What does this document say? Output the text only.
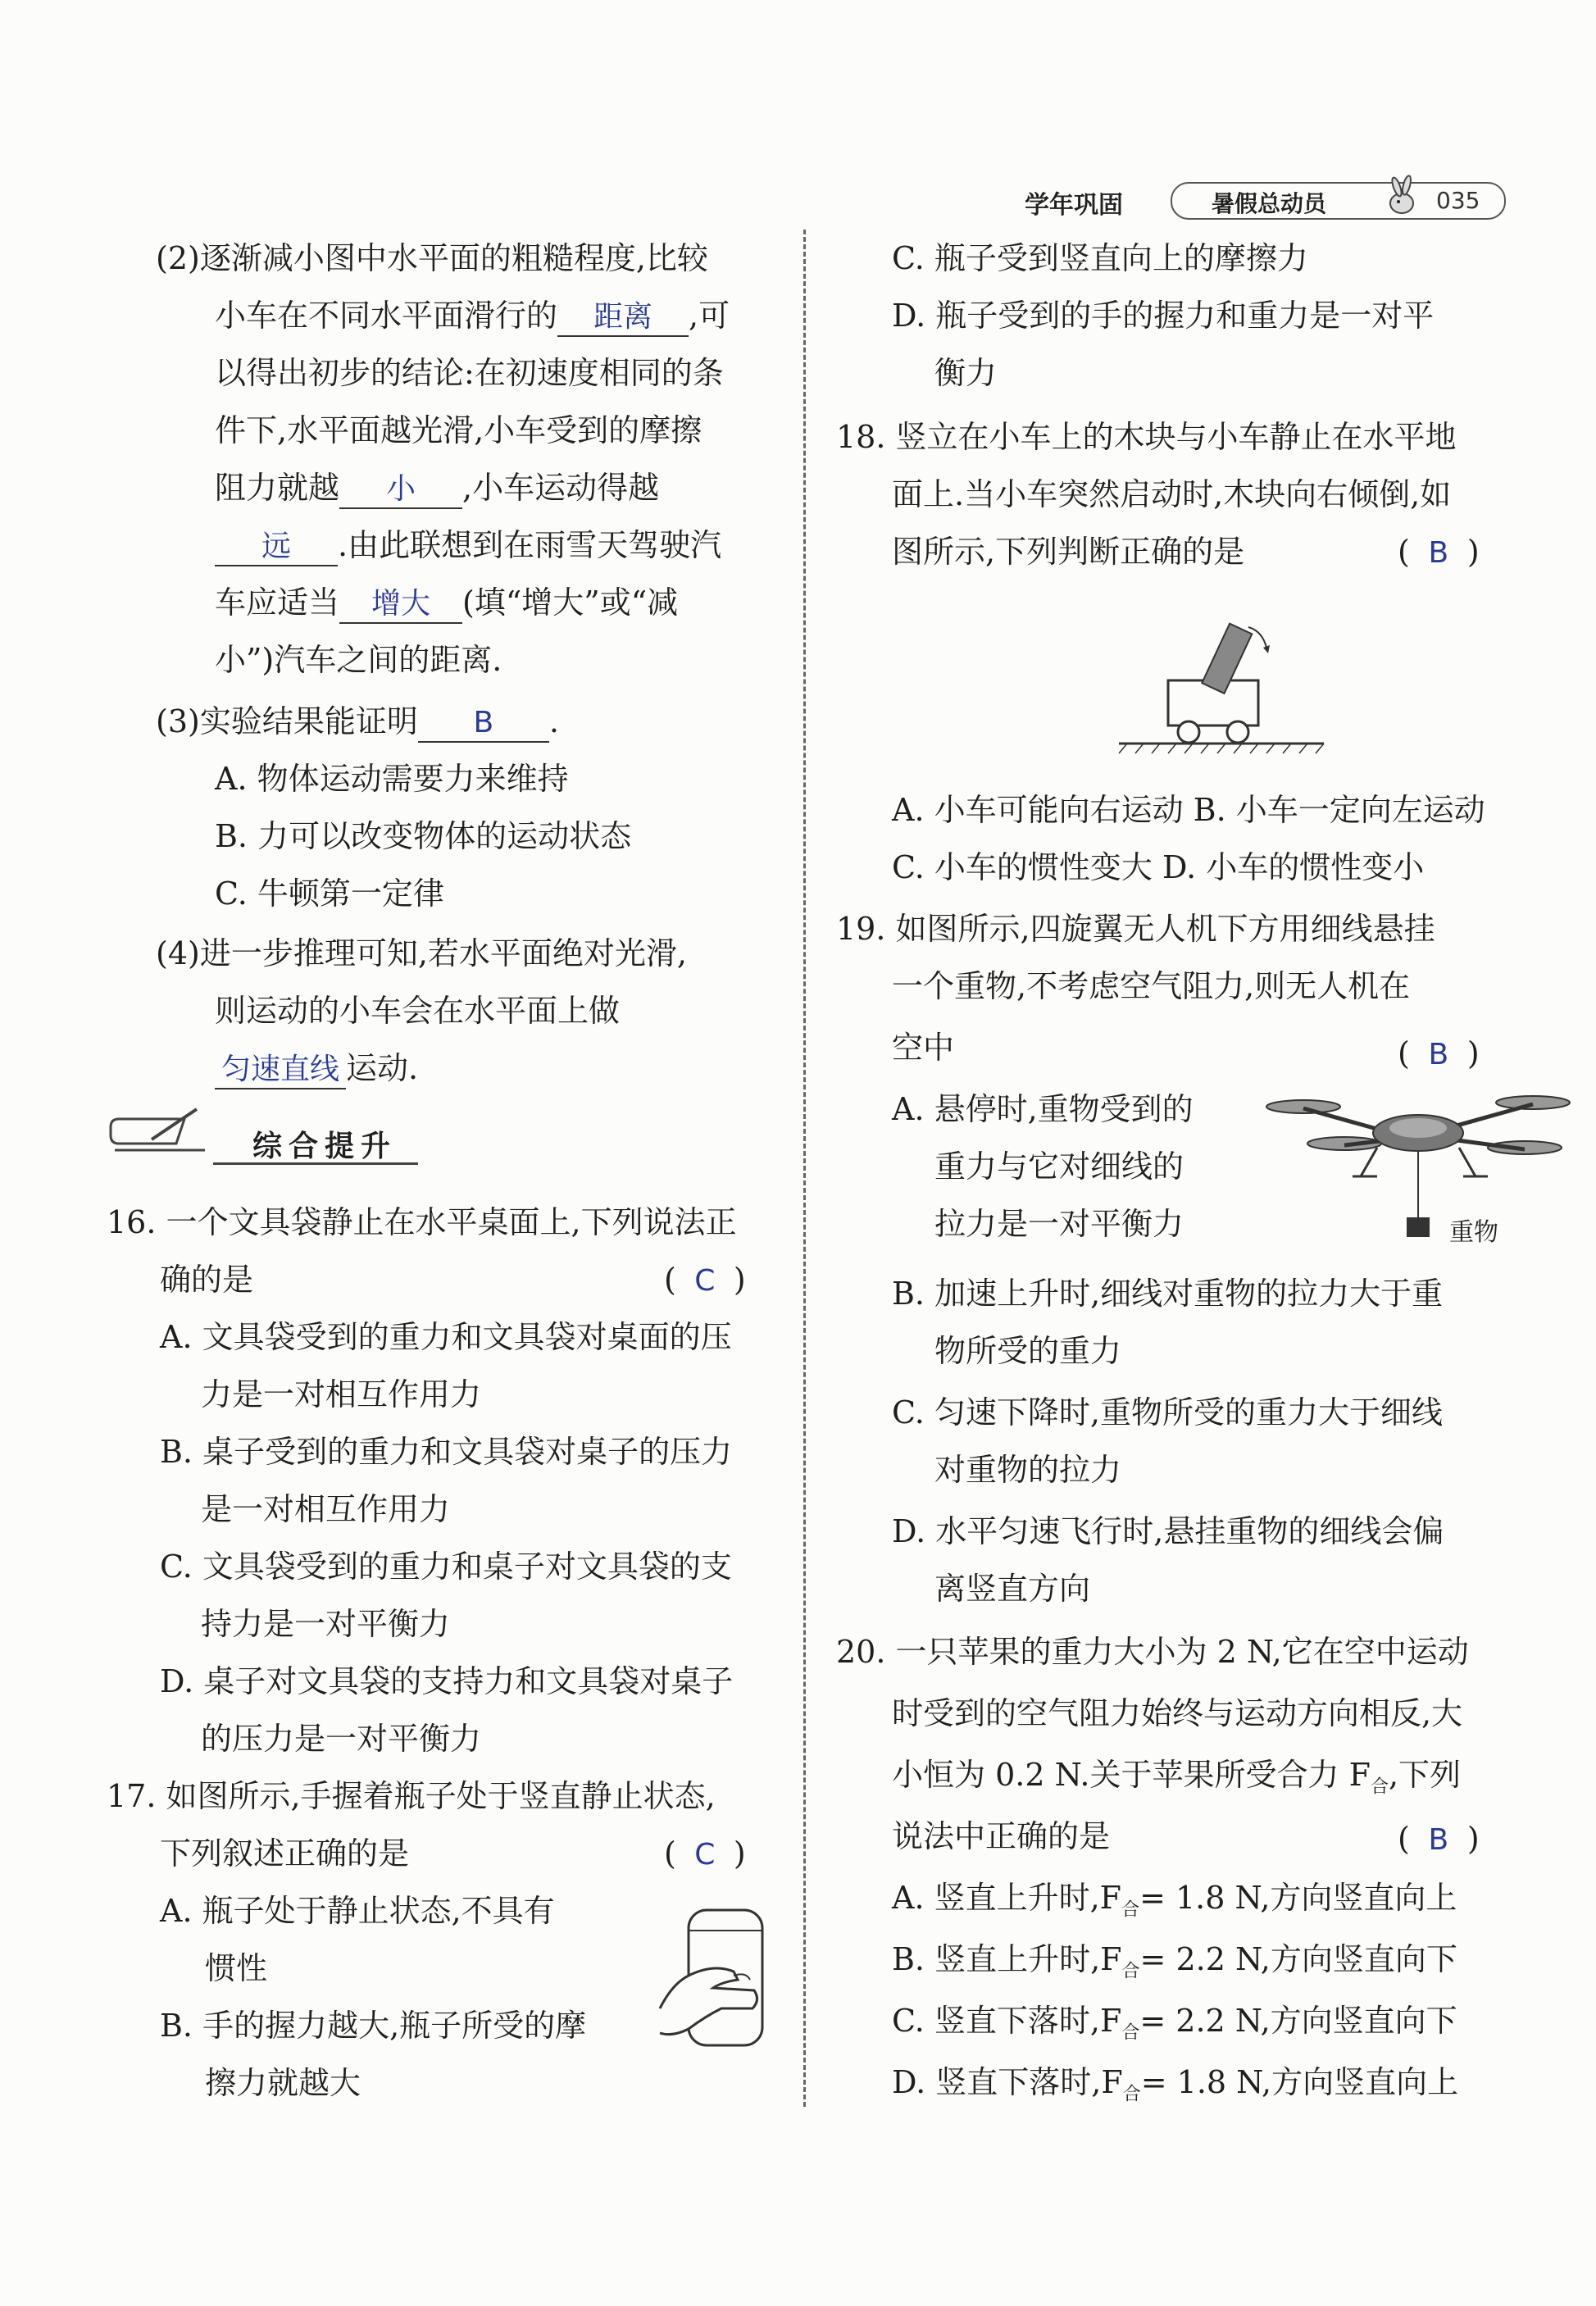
学年巩固	暑假总动员	035
(2)逐渐减小图中水平面的粗糙程度,比较
小车在不同水平面滑行的 距离 ,可
以得出初步的结论:在初速度相同的条
件下,水平面越光滑,小车受到的摩擦
阻力就越 小 ,小车运动得越
远 .由此联想到在雨雪天驾驶汽
车应适当 增大 (填“增大”或“减
小”)汽车之间的距离.
(3)实验结果能证明 B .
A. 物体运动需要力来维持
B. 力可以改变物体的运动状态
C. 牛顿第一定律
(4)进一步推理可知,若水平面绝对光滑,
则运动的小车会在水平面上做
匀速直线 运动.
综合提升
16. 一个文具袋静止在水平桌面上,下列说法正
确的是	( C )
A. 文具袋受到的重力和文具袋对桌面的压
力是一对相互作用力
B. 桌子受到的重力和文具袋对桌子的压力
是一对相互作用力
C. 文具袋受到的重力和桌子对文具袋的支
持力是一对平衡力
D. 桌子对文具袋的支持力和文具袋对桌子
的压力是一对平衡力
17. 如图所示,手握着瓶子处于竖直静止状态,
下列叙述正确的是	( C )
A. 瓶子处于静止状态,不具有
惯性
B. 手的握力越大,瓶子所受的摩
擦力就越大
C. 瓶子受到竖直向上的摩擦力
D. 瓶子受到的手的握力和重力是一对平
衡力
18. 竖立在小车上的木块与小车静止在水平地
面上.当小车突然启动时,木块向右倾倒,如
图所示,下列判断正确的是	( B )
A. 小车可能向右运动 B. 小车一定向左运动
C. 小车的惯性变大 D. 小车的惯性变小
19. 如图所示,四旋翼无人机下方用细线悬挂
一个重物,不考虑空气阻力,则无人机在
空中	( B )
A. 悬停时,重物受到的
重力与它对细线的
拉力是一对平衡力	重物
B. 加速上升时,细线对重物的拉力大于重
物所受的重力
C. 匀速下降时,重物所受的重力大于细线
对重物的拉力
D. 水平匀速飞行时,悬挂重物的细线会偏
离竖直方向
20. 一只苹果的重力大小为 2 N,它在空中运动
时受到的空气阻力始终与运动方向相反,大
小恒为 0.2 N.关于苹果所受合力 $F_合$,下列
说法中正确的是	( B )
A. 竖直上升时$,F_合= 1.8$ N,方向竖直向上
B. 竖直上升时$,F_合= 2.2$ N,方向竖直向下
C. 竖直下落时$,F_合= 2.2$ N,方向竖直向下
D. 竖直下落时$,F_合= 1.8$ N,方向竖直向上
